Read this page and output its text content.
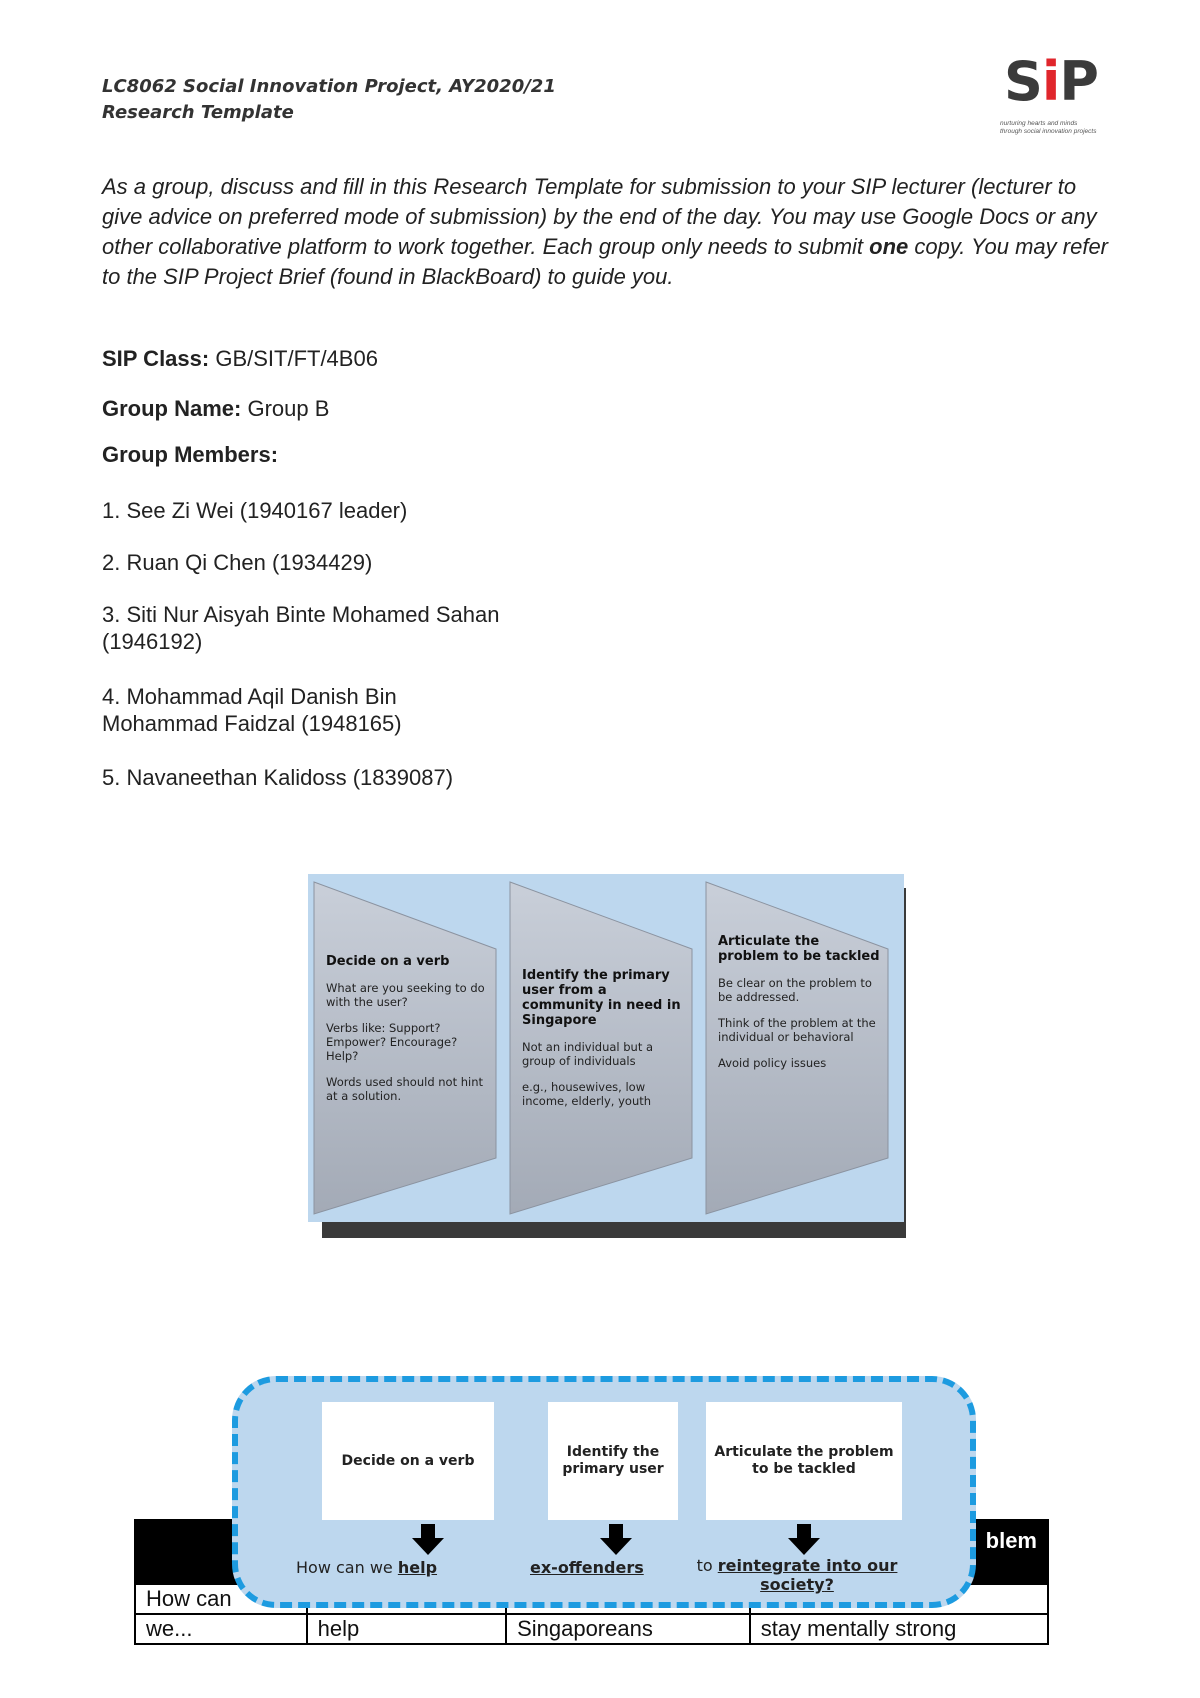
LC8062 Social Innovation Project, AY2020/21
Research Template	SiP
nurturing hearts and minds
through social innovation projects
As a group, discuss and fill in this Research Template for submission to your SIP lecturer (lecturer to give advice on preferred mode of submission) by the end of the day. You may use Google Docs or any other collaborative platform to work together. Each group only needs to submit one copy. You may refer to the SIP Project Brief (found in BlackBoard) to guide you.
SIP Class: GB/SIT/FT/4B06
Group Name: Group B
Group Members:
1. See Zi Wei (1940167 leader)
2. Ruan Qi Chen (1934429)
3. Siti Nur Aisyah Binte Mohamed Sahan (1946192)
4. Mohammad Aqil Danish Bin Mohammad Faidzal (1948165)
5. Navaneethan Kalidoss (1839087)
Decide on a verb

What are you seeking to do with the user?

Verbs like: Support? Empower? Encourage? Help?

Words used should not hint at a solution.

Identify the primary user from a community in need in Singapore

Not an individual but a group of individuals

e.g., housewives, low income, elderly, youth

Articulate the problem to be tackled

Be clear on the problem to be addressed.

Think of the problem at the individual or behavioral

Avoid policy issues

			blem
How can			
we...	help	Singaporeans	stay mentally strong
Decide on a verb
Identify the primary user
Articulate the problem to be tackled
How can we help	ex-offenders	to reintegrate into our society?
